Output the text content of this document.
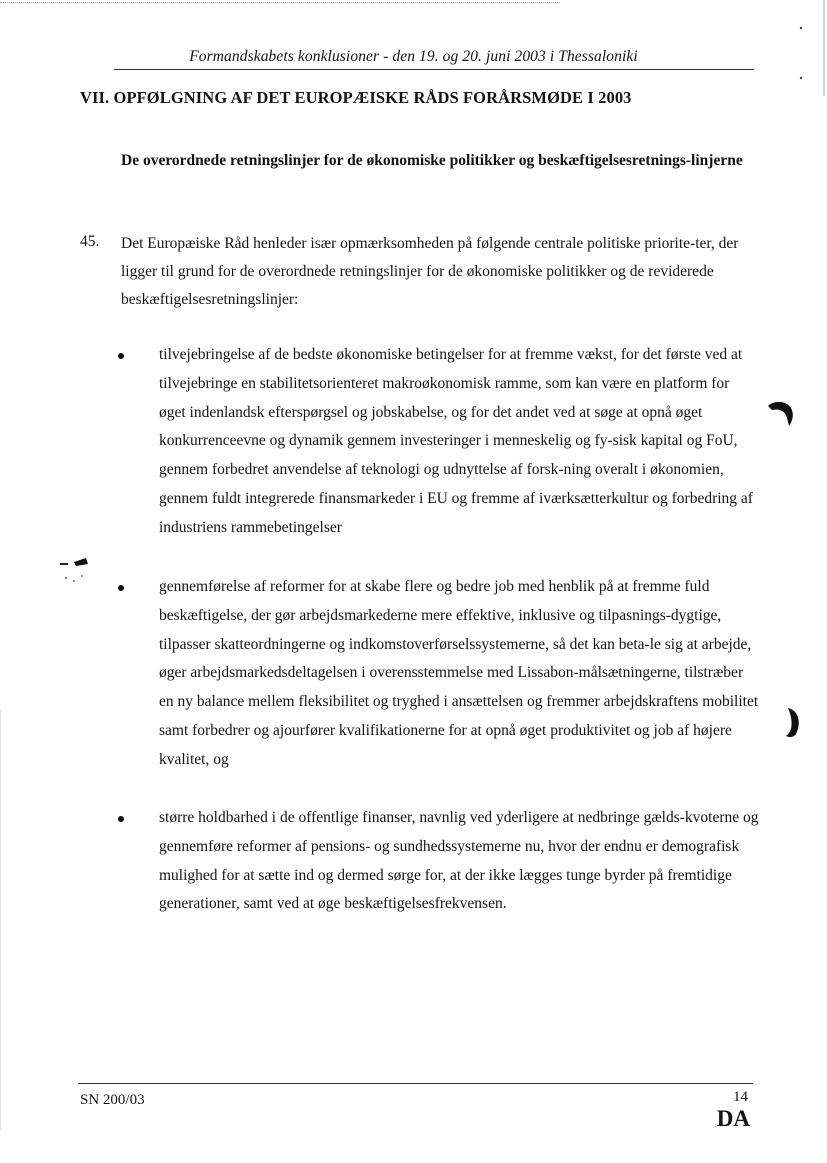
Formandskabets konklusioner - den 19. og 20. juni 2003 i Thessaloniki
VII. OPFØLGNING AF DET EUROPÆISKE RÅDS FORÅRSMØDE I 2003
De overordnede retningslinjer for de økonomiske politikker og beskæftigelsesretnings-linjerne
45. Det Europæiske Råd henleder især opmærksomheden på følgende centrale politiske priorite-ter, der ligger til grund for de overordnede retningslinjer for de økonomiske politikker og de reviderede beskæftigelsesretningslinjer:
tilvejebringelse af de bedste økonomiske betingelser for at fremme vækst, for det første ved at tilvejebringe en stabilitetsorienteret makroøkonomisk ramme, som kan være en platform for øget indenlandsk efterspørgsel og jobskabelse, og for det andet ved at søge at opnå øget konkurrenceevne og dynamik gennem investeringer i menneskelig og fy-sisk kapital og FoU, gennem forbedret anvendelse af teknologi og udnyttelse af forsk-ning overalt i økonomien, gennem fuldt integrerede finansmarkeder i EU og fremme af iværksætterkultur og forbedring af industriens rammebetingelser
gennemførelse af reformer for at skabe flere og bedre job med henblik på at fremme fuld beskæftigelse, der gør arbejdsmarkederne mere effektive, inklusive og tilpasnings-dygtige, tilpasser skatteordningerne og indkomstoverførselssystemerne, så det kan beta-le sig at arbejde, øger arbejdsmarkedsdeltagelsen i overensstemmelse med Lissabon-målsætningerne, tilstræber en ny balance mellem fleksibilitet og tryghed i ansættelsen og fremmer arbejdskraftens mobilitet samt forbedrer og ajourfører kvalifikationerne for at opnå øget produktivitet og job af højere kvalitet, og
større holdbarhed i de offentlige finanser, navnlig ved yderligere at nedbringe gælds-kvoterne og gennemføre reformer af pensions- og sundhedssystemerne nu, hvor der endnu er demografisk mulighed for at sætte ind og dermed sørge for, at der ikke lægges tunge byrder på fremtidige generationer, samt ved at øge beskæftigelsesfrekvensen.
SN 200/03	14
DA
